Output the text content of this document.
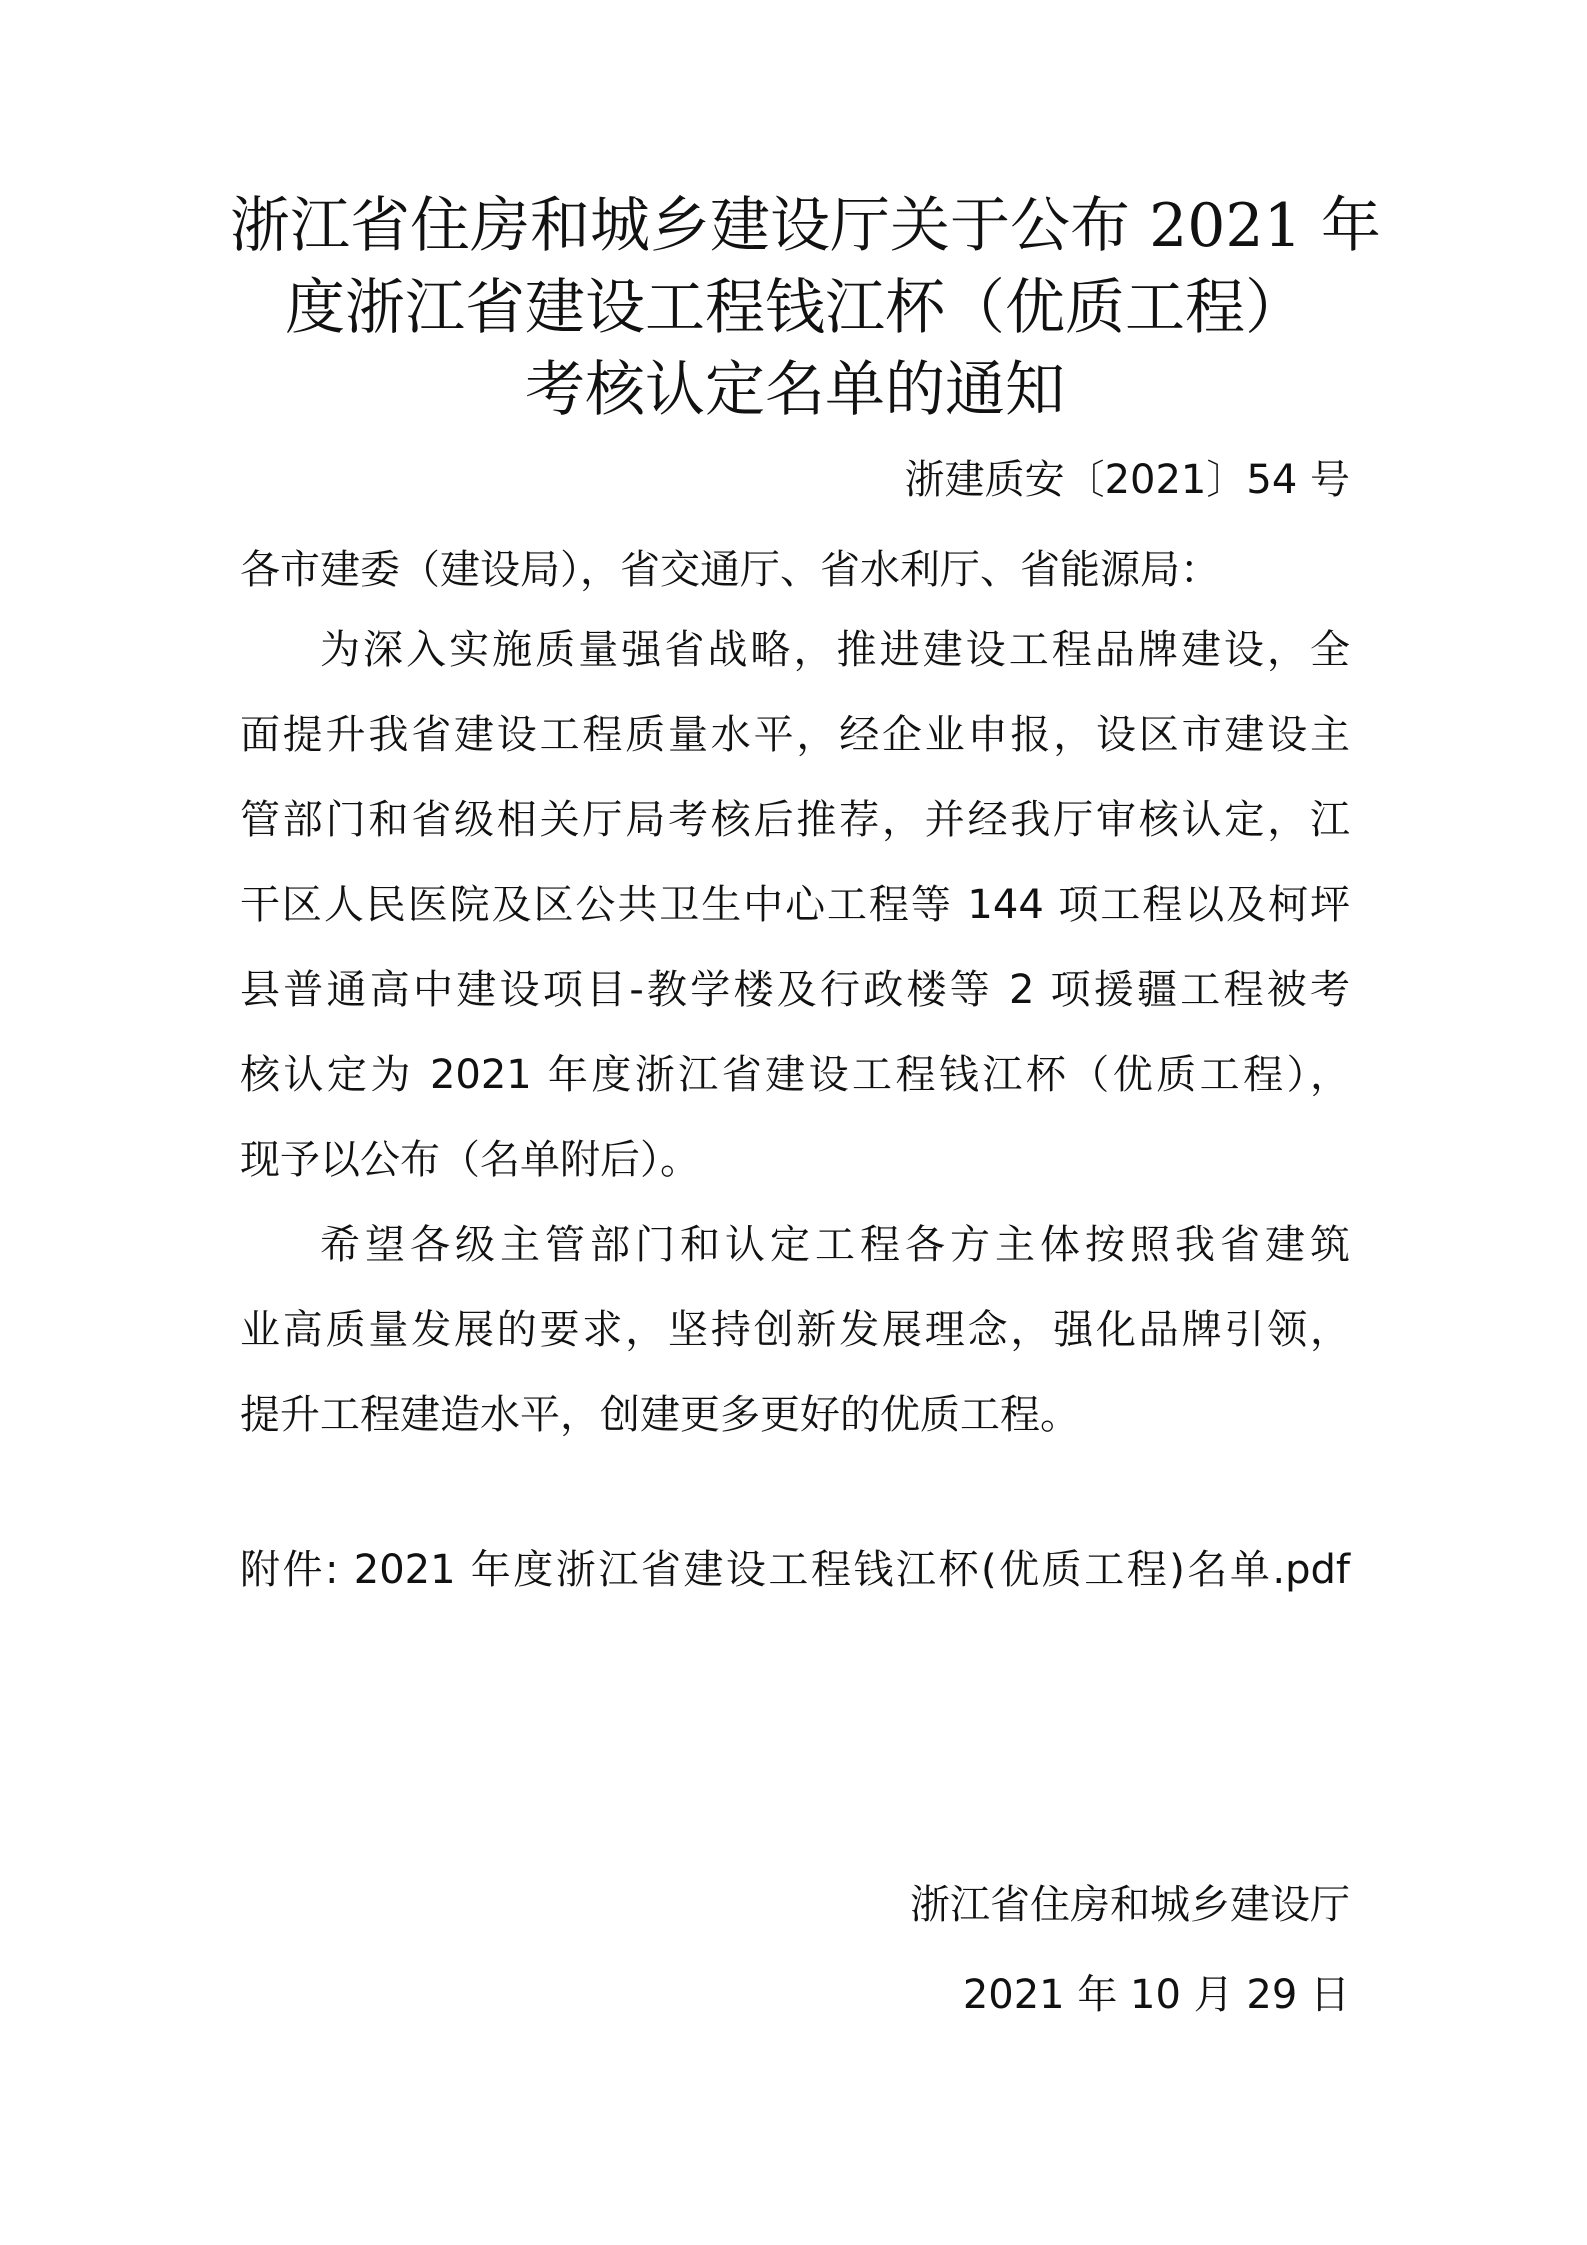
浙江省住房和城乡建设厅关于公布 2021 年
度浙江省建设工程钱江杯（优质工程）
考核认定名单的通知
浙建质安〔2021〕54 号
各市建委（建设局），省交通厅、省水利厅、省能源局：
为深入实施质量强省战略，推进建设工程品牌建设，全
面提升我省建设工程质量水平，经企业申报，设区市建设主
管部门和省级相关厅局考核后推荐，并经我厅审核认定，江
干区人民医院及区公共卫生中心工程等 144 项工程以及柯坪
县普通高中建设项目-教学楼及行政楼等 2 项援疆工程被考
核认定为 2021 年度浙江省建设工程钱江杯（优质工程），
现予以公布（名单附后）。
希望各级主管部门和认定工程各方主体按照我省建筑
业高质量发展的要求，坚持创新发展理念，强化品牌引领，
提升工程建造水平，创建更多更好的优质工程。
附件: 2021 年度浙江省建设工程钱江杯(优质工程)名单.pdf
浙江省住房和城乡建设厅
2021 年 10 月 29 日
